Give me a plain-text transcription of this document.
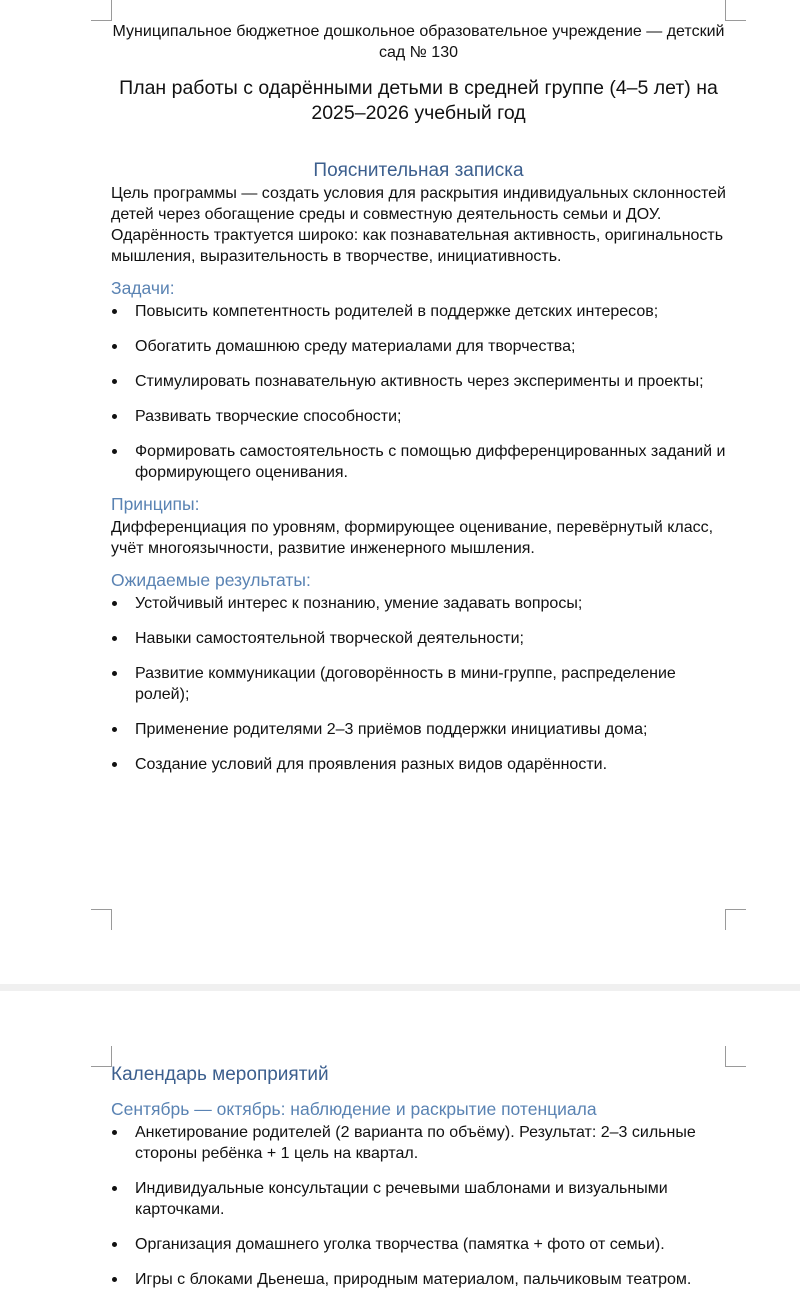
Муниципальное бюджетное дошкольное образовательное учреждение — детский сад № 130

План работы с одарёнными детьми в средней группе (4–5 лет) на 2025–2026 учебный год
Пояснительная записка

Цель программы — создать условия для раскрытия индивидуальных склонностей детей через обогащение среды и совместную деятельность семьи и ДОУ. Одарённость трактуется широко: как познавательная активность, оригинальность мышления, выразительность в творчестве, инициативность.

Задачи:
Повысить компетентность родителей в поддержке детских интересов;
Обогатить домашнюю среду материалами для творчества;
Стимулировать познавательную активность через эксперименты и проекты;
Развивать творческие способности;
Формировать самостоятельность с помощью дифференцированных заданий и формирующего оценивания.
Принципы:

Дифференциация по уровням, формирующее оценивание, перевёрнутый класс, учёт многоязычности, развитие инженерного мышления.

Ожидаемые результаты:
Устойчивый интерес к познанию, умение задавать вопросы;
Навыки самостоятельной творческой деятельности;
Развитие коммуникации (договорённость в мини-группе, распределение ролей);
Применение родителями 2–3 приёмов поддержки инициативы дома;
Создание условий для проявления разных видов одарённости.
Календарь мероприятий
Сентябрь — октябрь: наблюдение и раскрытие потенциала
Анкетирование родителей (2 варианта по объёму). Результат: 2–3 сильные стороны ребёнка + 1 цель на квартал.
Индивидуальные консультации с речевыми шаблонами и визуальными карточками.
Организация домашнего уголка творчества (памятка + фото от семьи).
Игры с блоками Дьенеша, природным материалом, пальчиковым театром.
